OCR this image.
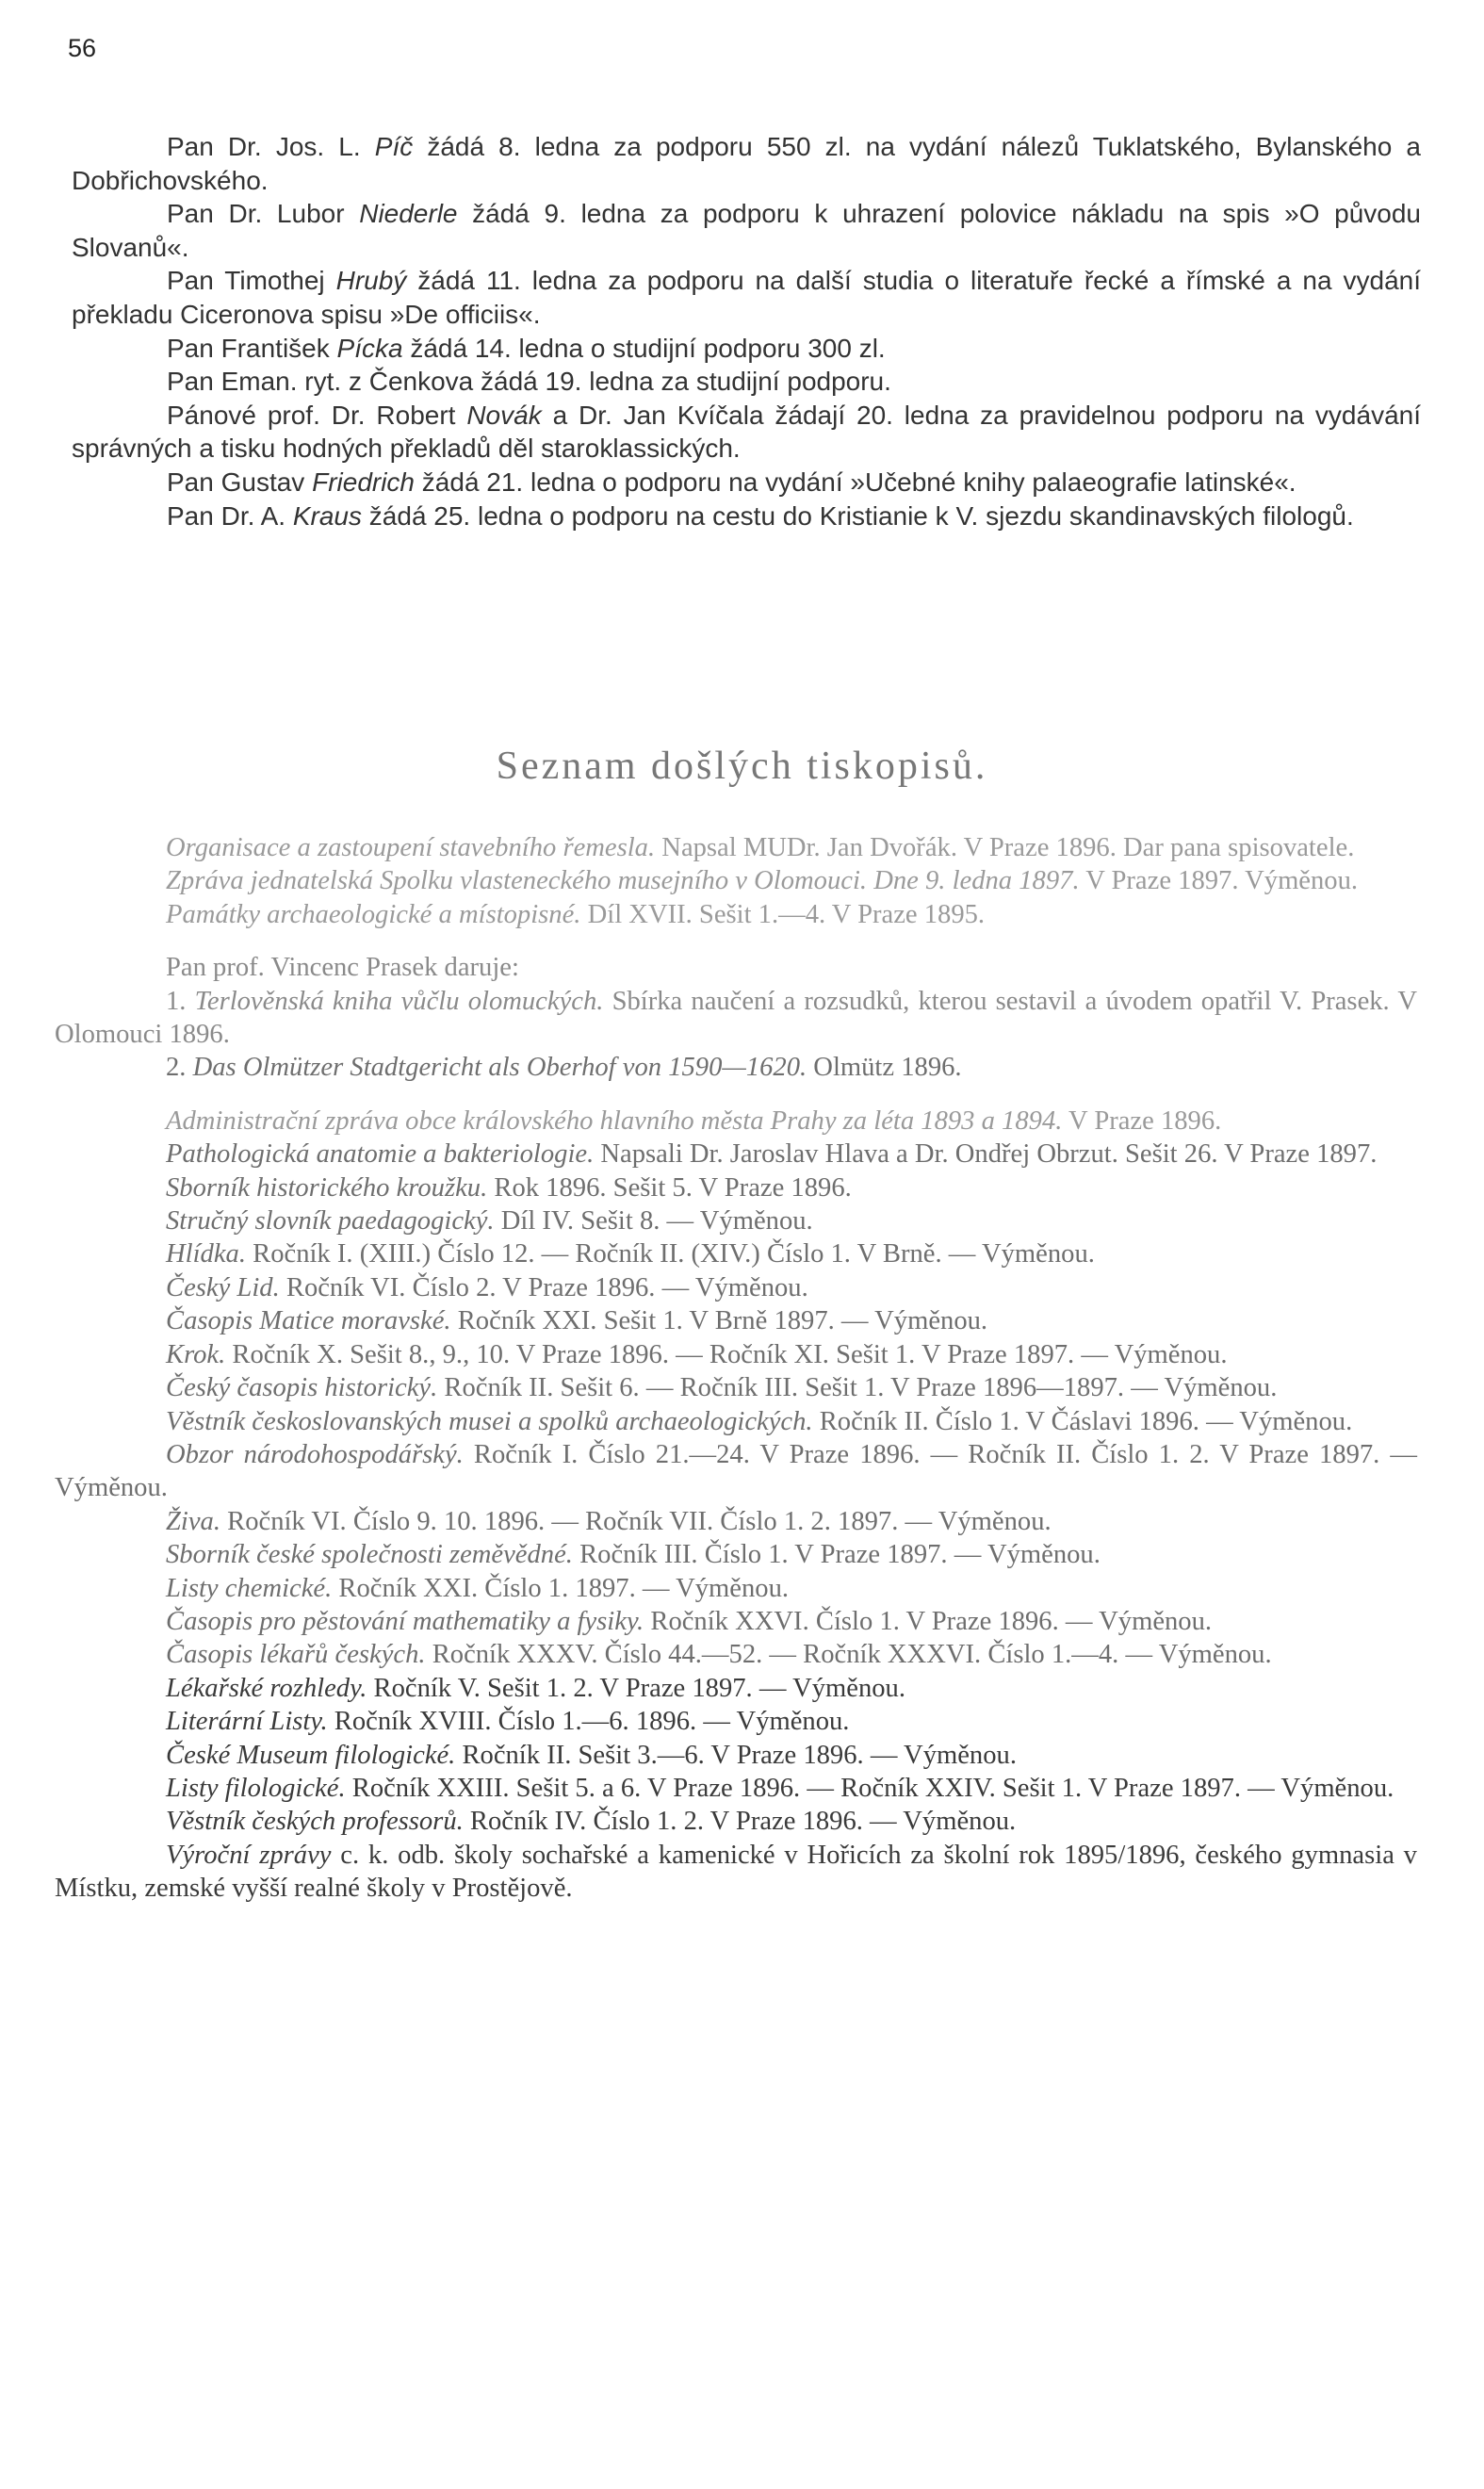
56

Pan Dr. Jos. L. Píč žádá 8. ledna za podporu 550 zl. na vydání nálezů Tuklatského, Bylanského a Dobřichovského.

Pan Dr. Lubor Niederle žádá 9. ledna za podporu k uhrazení polovice nákladu na spis »O původu Slovanů«.

Pan Timothej Hrubý žádá 11. ledna za podporu na další studia o literatuře řecké a římské a na vydání překladu Ciceronova spisu »De officiis«.

Pan František Pícka žádá 14. ledna o studijní podporu 300 zl.

Pan Eman. ryt. z Čenkova žádá 19. ledna za studijní podporu.

Pánové prof. Dr. Robert Novák a Dr. Jan Kvíčala žádají 20. ledna za pravidelnou podporu na vydávání správných a tisku hodných překladů děl staroklassických.

Pan Gustav Friedrich žádá 21. ledna o podporu na vydání »Učebné knihy palaeografie latinské«.

Pan Dr. A. Kraus žádá 25. ledna o podporu na cestu do Kristianie k V. sjezdu skandinavských filologů.

Seznam došlých tiskopisů.

Organisace a zastoupení stavebního řemesla. Napsal MUDr. Jan Dvořák. V Praze 1896. Dar pana spisovatele.

Zpráva jednatelská Spolku vlasteneckého musejního v Olomouci. Dne 9. ledna 1897. V Praze 1897. Výměnou.

Památky archaeologické a místopisné. Díl XVII. Sešit 1.—4. V Praze 1895.

Pan prof. Vincenc Prasek daruje:

1. Terlověnská kniha vůčlu olomuckých. Sbírka naučení a rozsudků, kterou sestavil a úvodem opatřil V. Prasek. V Olomouci 1896.

2. Das Olmützer Stadtgericht als Oberhof von 1590—1620. Olmütz 1896.

Administrační zpráva obce královského hlavního města Prahy za léta 1893 a 1894. V Praze 1896.

Pathologická anatomie a bakteriologie. Napsali Dr. Jaroslav Hlava a Dr. Ondřej Obrzut. Sešit 26. V Praze 1897.

Sborník historického kroužku. Rok 1896. Sešit 5. V Praze 1896.

Stručný slovník paedagogický. Díl IV. Sešit 8. — Výměnou.

Hlídka. Ročník I. (XIII.) Číslo 12. — Ročník II. (XIV.) Číslo 1. V Brně. — Výměnou.

Český Lid. Ročník VI. Číslo 2. V Praze 1896. — Výměnou.

Časopis Matice moravské. Ročník XXI. Sešit 1. V Brně 1897. — Výměnou.

Krok. Ročník X. Sešit 8., 9., 10. V Praze 1896. — Ročník XI. Sešit 1. V Praze 1897. — Výměnou.

Český časopis historický. Ročník II. Sešit 6. — Ročník III. Sešit 1. V Praze 1896—1897. — Výměnou.

Věstník českoslovanských musei a spolků archaeologických. Ročník II. Číslo 1. V Čáslavi 1896. — Výměnou.

Obzor národohospodářský. Ročník I. Číslo 21.—24. V Praze 1896. — Ročník II. Číslo 1. 2. V Praze 1897. — Výměnou.

Živa. Ročník VI. Číslo 9. 10. 1896. — Ročník VII. Číslo 1. 2. 1897. — Výměnou.

Sborník české společnosti zeměvědné. Ročník III. Číslo 1. V Praze 1897. — Výměnou.

Listy chemické. Ročník XXI. Číslo 1. 1897. — Výměnou.

Časopis pro pěstování mathematiky a fysiky. Ročník XXVI. Číslo 1. V Praze 1896. — Výměnou.

Časopis lékařů českých. Ročník XXXV. Číslo 44.—52. — Ročník XXXVI. Číslo 1.—4. — Výměnou.

Lékařské rozhledy. Ročník V. Sešit 1. 2. V Praze 1897. — Výměnou.

Literární Listy. Ročník XVIII. Číslo 1.—6. 1896. — Výměnou.

České Museum filologické. Ročník II. Sešit 3.—6. V Praze 1896. — Výměnou.

Listy filologické. Ročník XXIII. Sešit 5. a 6. V Praze 1896. — Ročník XXIV. Sešit 1. V Praze 1897. — Výměnou.

Věstník českých professorů. Ročník IV. Číslo 1. 2. V Praze 1896. — Výměnou.

Výroční zprávy c. k. odb. školy sochařské a kamenické v Hořicích za školní rok 1895/1896, českého gymnasia v Místku, zemské vyšší realné školy v Prostějově.
